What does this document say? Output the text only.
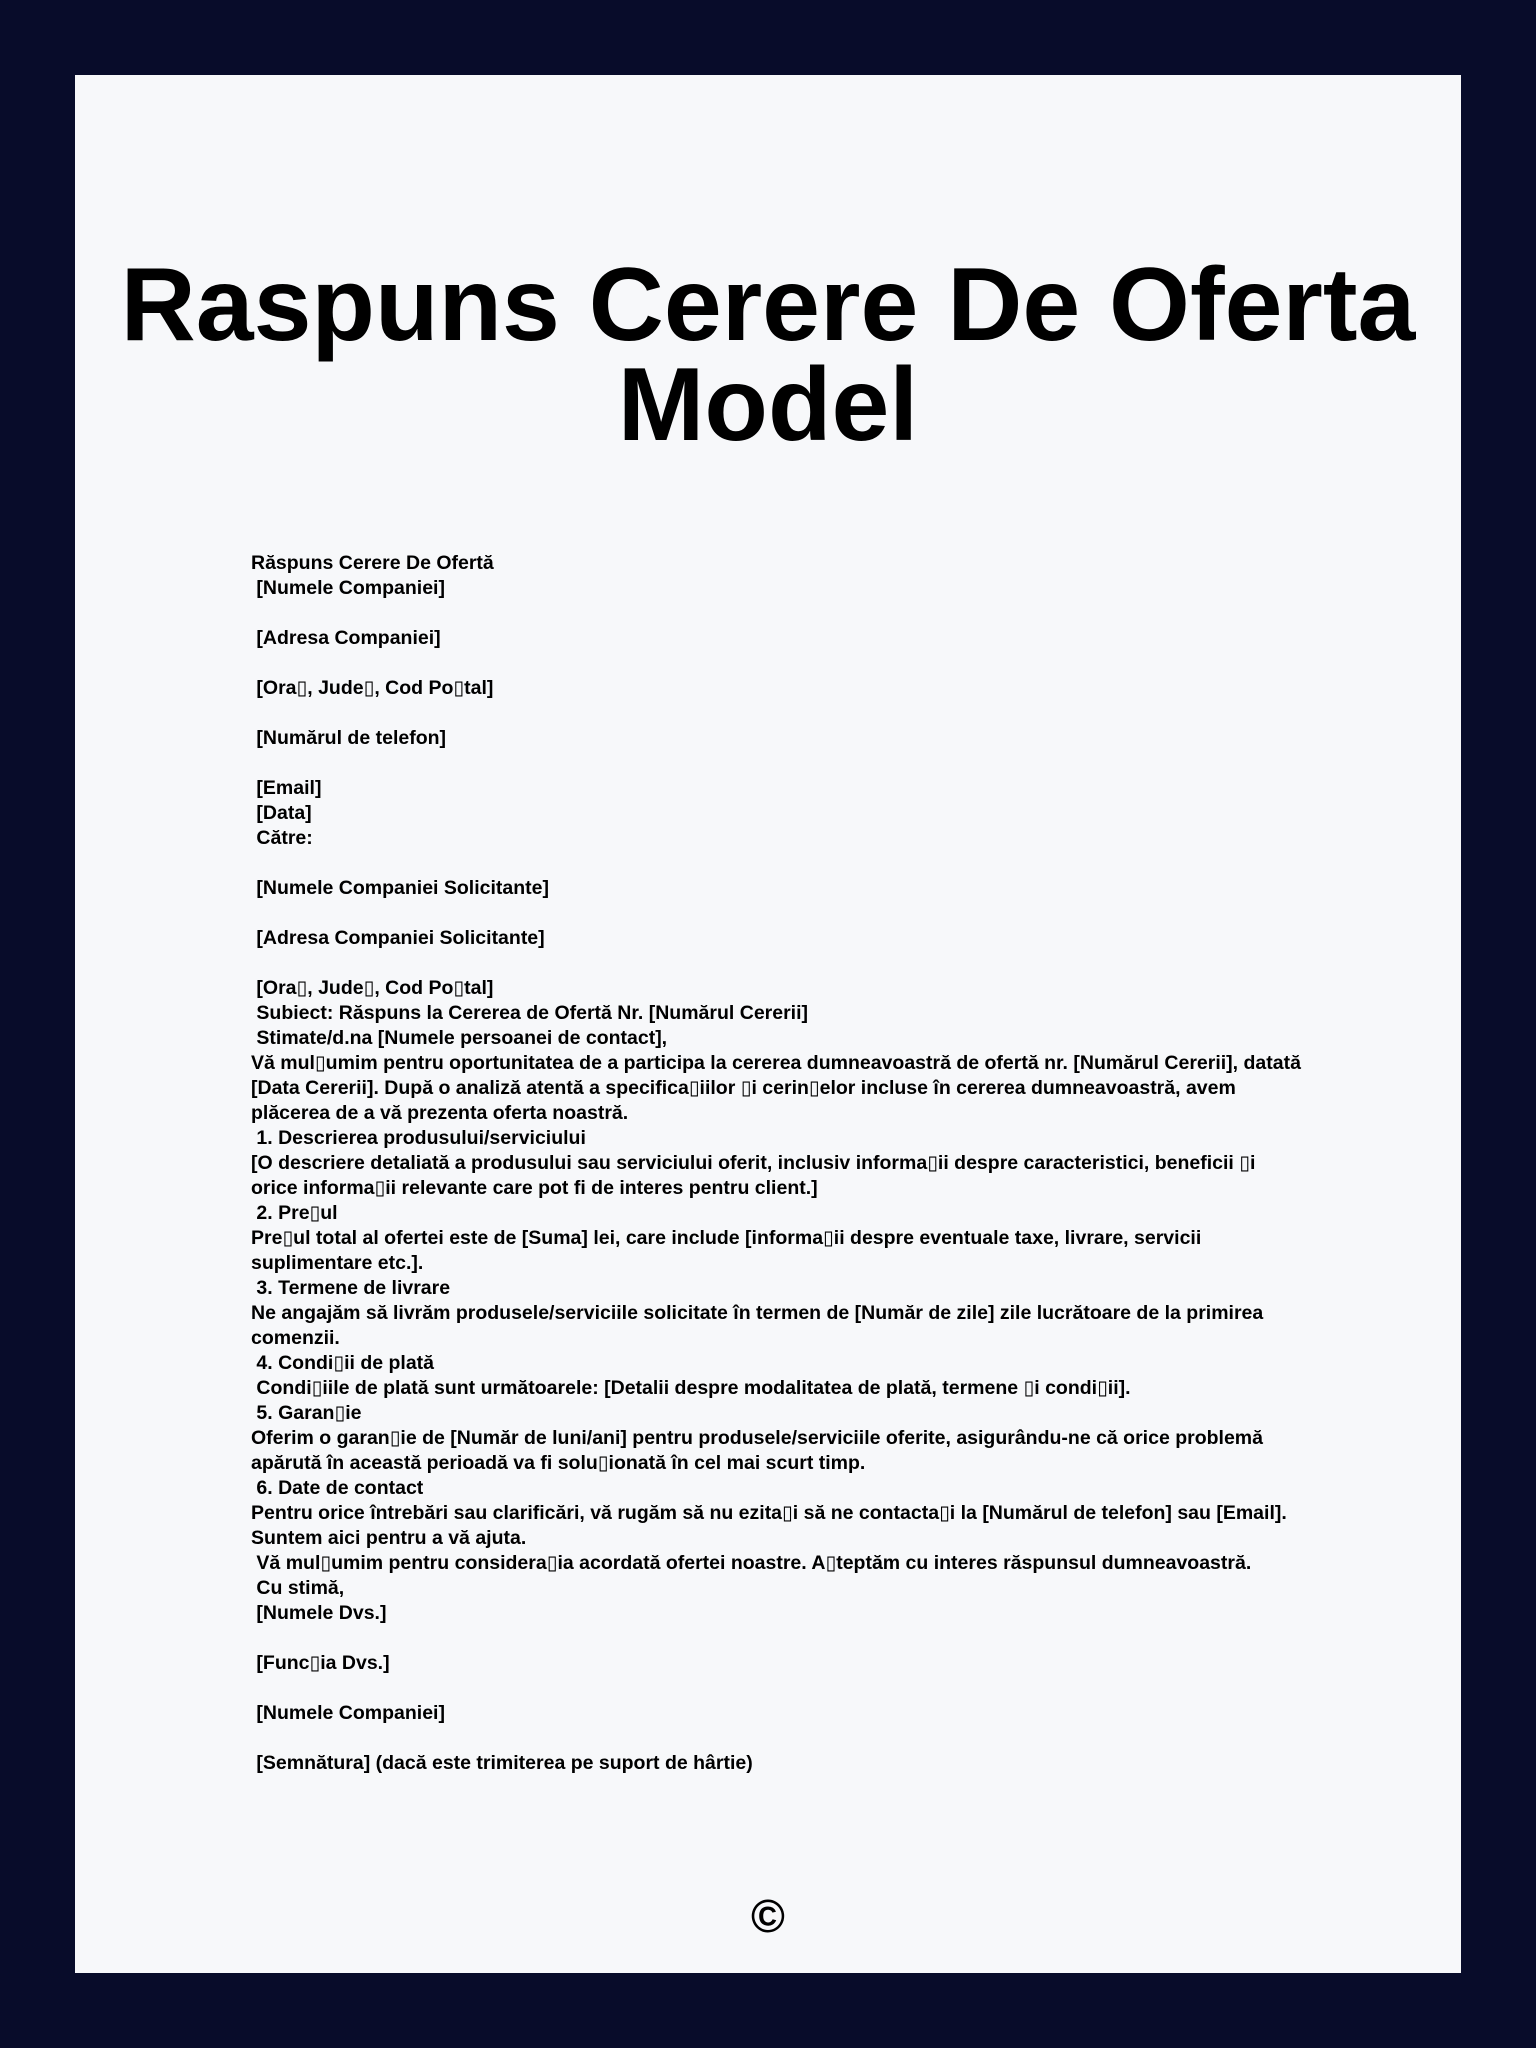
Raspuns Cerere De Oferta Model
Răspuns Cerere De Ofertă
[Numele Companiei]

[Adresa Companiei]

[Ora▯, Jude▯, Cod Po▯tal]

[Numărul de telefon]

[Email]
[Data]
Către:

[Numele Companiei Solicitante]

[Adresa Companiei Solicitante]

[Ora▯, Jude▯, Cod Po▯tal]
Subiect: Răspuns la Cererea de Ofertă Nr. [Numărul Cererii]
Stimate/d.na [Numele persoanei de contact],
Vă mul▯umim pentru oportunitatea de a participa la cererea dumneavoastră de ofertă nr. [Numărul Cererii], datată [Data Cererii]. După o analiză atentă a specifica▯iilor ▯i cerin▯elor incluse în cererea dumneavoastră, avem plăcerea de a vă prezenta oferta noastră.
1. Descrierea produsului/serviciului
[O descriere detaliată a produsului sau serviciului oferit, inclusiv informa▯ii despre caracteristici, beneficii ▯i orice informa▯ii relevante care pot fi de interes pentru client.]
2. Pre▯ul
Pre▯ul total al ofertei este de [Suma] lei, care include [informa▯ii despre eventuale taxe, livrare, servicii suplimentare etc.].
3. Termene de livrare
Ne angajăm să livrăm produsele/serviciile solicitate în termen de [Număr de zile] zile lucrătoare de la primirea comenzii.
4. Condi▯ii de plată
Condi▯iile de plată sunt următoarele: [Detalii despre modalitatea de plată, termene ▯i condi▯ii].
5. Garan▯ie
Oferim o garan▯ie de [Număr de luni/ani] pentru produsele/serviciile oferite, asigurându-ne că orice problemă apărută în această perioadă va fi solu▯ionată în cel mai scurt timp.
6. Date de contact
Pentru orice întrebări sau clarificări, vă rugăm să nu ezita▯i să ne contacta▯i la [Numărul de telefon] sau [Email]. Suntem aici pentru a vă ajuta.
Vă mul▯umim pentru considera▯ia acordată ofertei noastre. A▯teptăm cu interes răspunsul dumneavoastră.
Cu stimă,
[Numele Dvs.]

[Func▯ia Dvs.]

[Numele Companiei]

[Semnătura] (dacă este trimiterea pe suport de hârtie)
©
